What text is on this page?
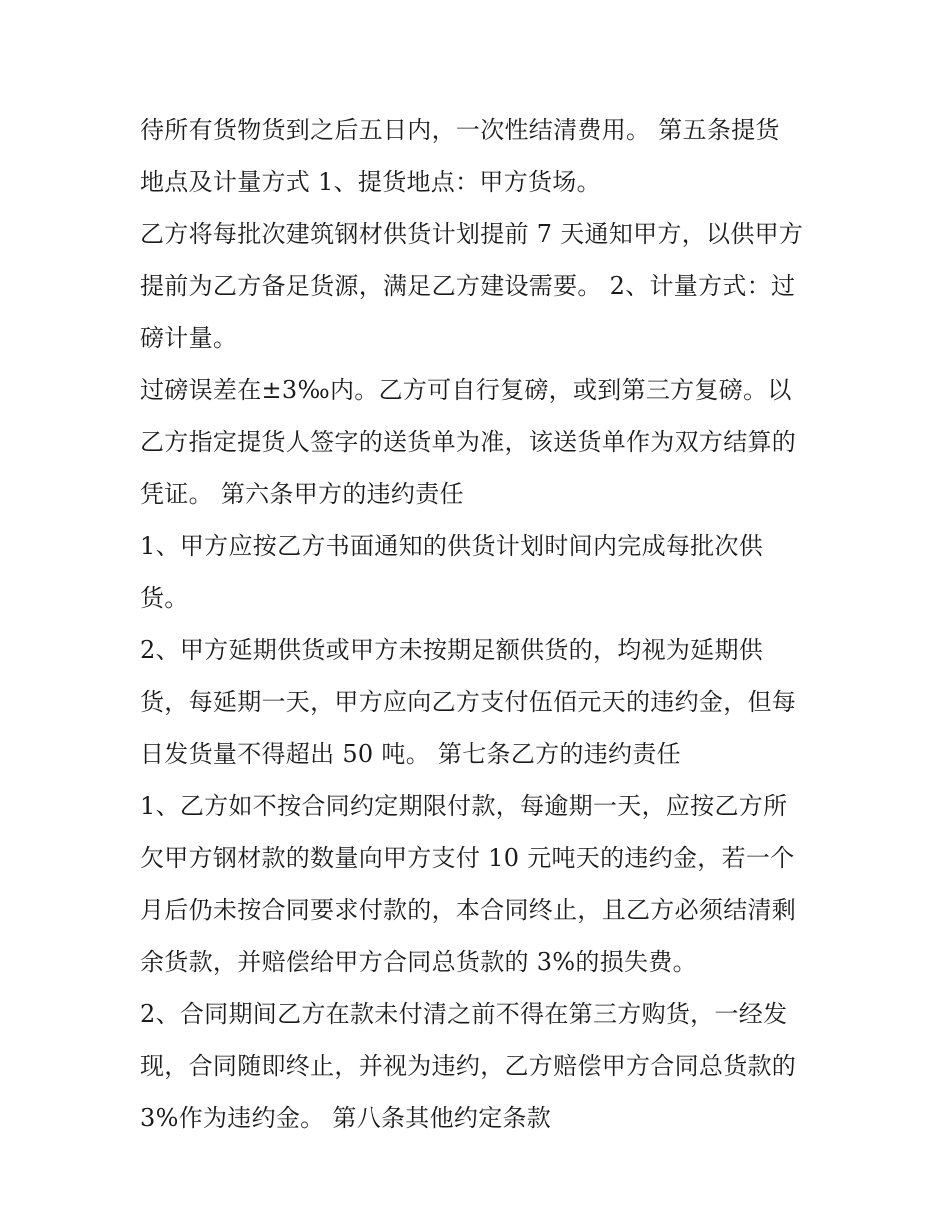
待所有货物货到之后五日内，一次性结清费用。 第五条提货
地点及计量方式 1、提货地点：甲方货场。
乙方将每批次建筑钢材供货计划提前 7 天通知甲方，以供甲方
提前为乙方备足货源，满足乙方建设需要。 2、计量方式：过
磅计量。
过磅误差在±3‰内。乙方可自行复磅，或到第三方复磅。以
乙方指定提货人签字的送货单为准，该送货单作为双方结算的
凭证。 第六条甲方的违约责任
1、甲方应按乙方书面通知的供货计划时间内完成每批次供
货。
2、甲方延期供货或甲方未按期足额供货的，均视为延期供
货，每延期一天，甲方应向乙方支付伍佰元天的违约金，但每
日发货量不得超出 50 吨。 第七条乙方的违约责任
1、乙方如不按合同约定期限付款，每逾期一天，应按乙方所
欠甲方钢材款的数量向甲方支付 10 元吨天的违约金，若一个
月后仍未按合同要求付款的，本合同终止，且乙方必须结清剩
余货款，并赔偿给甲方合同总货款的 3%的损失费。
2、合同期间乙方在款未付清之前不得在第三方购货，一经发
现，合同随即终止，并视为违约，乙方赔偿甲方合同总货款的
3%作为违约金。 第八条其他约定条款
